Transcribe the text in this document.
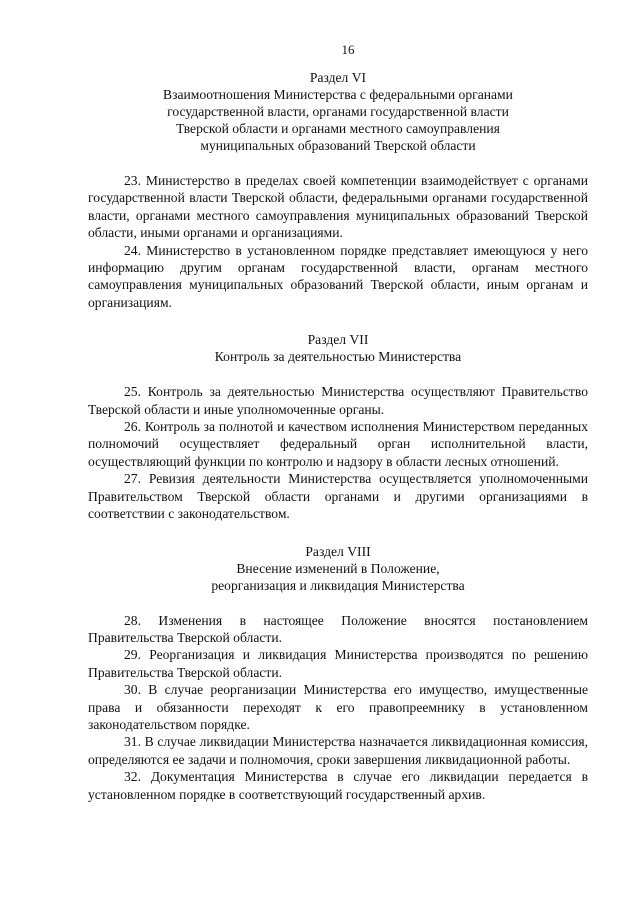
16
Раздел VI
Взаимоотношения Министерства с федеральными органами
государственной власти, органами государственной власти
Тверской области и органами местного самоуправления
муниципальных образований Тверской области

23. Министерство в пределах своей компетенции взаимодействует с органами государственной власти Тверской области, федеральными органами государственной власти, органами местного самоуправления муниципальных образований Тверской области, иными органами и организациями.

24. Министерство в установленном порядке представляет имеющуюся у него информацию другим органам государственной власти, органам местного самоуправления муниципальных образований Тверской области, иным органам и организациям.

Раздел VII
Контроль за деятельностью Министерства

25. Контроль за деятельностью Министерства осуществляют Правительство Тверской области и иные уполномоченные органы.

26. Контроль за полнотой и качеством исполнения Министерством переданных полномочий осуществляет федеральный орган исполнительной власти, осуществляющий функции по контролю и надзору в области лесных отношений.

27. Ревизия деятельности Министерства осуществляется уполномоченными Правительством Тверской области органами и другими организациями в соответствии с законодательством.

Раздел VIII
Внесение изменений в Положение,
реорганизация и ликвидация Министерства

28. Изменения в настоящее Положение вносятся постановлением Правительства Тверской области.

29. Реорганизация и ликвидация Министерства производятся по решению Правительства Тверской области.

30. В случае реорганизации Министерства его имущество, имущественные права и обязанности переходят к его правопреемнику в установленном законодательством порядке.

31. В случае ликвидации Министерства назначается ликвидационная комиссия, определяются ее задачи и полномочия, сроки завершения ликвидационной работы.

32. Документация Министерства в случае его ликвидации передается в установленном порядке в соответствующий государственный архив.
